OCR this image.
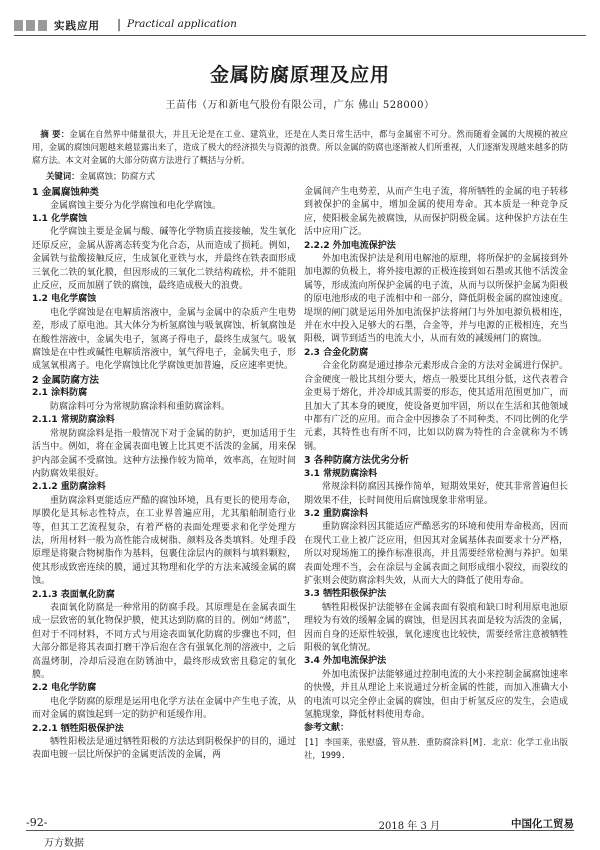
实践应用 | Practical application
金属防腐原理及应用
王苗伟（万和新电气股份有限公司，广东 佛山 528000）

摘 要：金属在自然界中储量很大，并且无论是在工业、建筑业，还是在人类日常生活中，都与金属密不可分。然而随着金属的大规模的被应用，金属的腐蚀问题越来越显露出来了，造成了极大的经济损失与资源的浪费。所以金属的防腐也逐渐被人们所重视，人们逐渐发现越来越多的防腐方法。本文对金属的大部分防腐方法进行了概括与分析。

关键词：金属腐蚀；防腐方式
1 金属腐蚀种类

金属腐蚀主要分为化学腐蚀和电化学腐蚀。

1.1 化学腐蚀

化学腐蚀主要是金属与酸、碱等化学物质直接接触，发生氧化还原反应，金属从游离态转变为化合态，从而造成了损耗。例如，金属铁与盐酸接触反应，生成氯化亚铁与水，并最终在铁表面形成三氧化二铁的氧化膜，但因形成的三氧化二铁结构疏松，并不能阻止反应，反而加剧了铁的腐蚀，最终造成极大的浪费。

1.2 电化学腐蚀

电化学腐蚀是在电解质溶液中，金属与金属中的杂质产生电势差，形成了原电池。其大体分为析氢腐蚀与吸氧腐蚀、析氧腐蚀是在酸性溶液中，金属失电子，氢离子得电子，最终生成氢气。吸氧腐蚀是在中性或碱性电解质溶液中，氧气得电子，金属失电子，形成氢氧根离子。电化学腐蚀比化学腐蚀更加普遍，反应速率更快。

2 金属防腐方法
2.1 涂料防腐

防腐涂料可分为常规防腐涂料和重防腐涂料。

2.1.1 常规防腐涂料

常规防腐涂料是指一般情况下对于金属的防护，更加适用于生活当中。例如，将在金属表面电镀上比其更不活泼的金属，用来保护内部金属不受腐蚀。这种方法操作较为简单，效率高，在短时间内防腐效果很好。

2.1.2 重防腐涂料

重防腐涂料更能适应严酷的腐蚀环境，具有更长的使用寿命，厚膜化是其标志性特点，在工业界普遍应用，尤其船舶制造行业等，但其工艺流程复杂，有着严格的表面处理要求和化学处理方法，所用材料一般为高性能合成树脂、颜料及各类填料。处理手段原理是将聚合物树脂作为基料，包裹住涂层内的颜料与填料颗粒，使其形成致密连续的膜，通过其物理和化学的方法来减缓金属的腐蚀。

2.1.3 表面氧化防腐

表面氧化防腐是一种常用的防腐手段。其原理是在金属表面生成一层致密的氧化物保护膜，使其达到防腐的目的。例如“烤蓝”，但对于不同材料，不同方式与用途表面氧化防腐的步骤也不同，但大部分都是将其表面打磨干净后泡在含有强氧化剂的溶液中，之后高温烤制，冷却后浸泡在防锈油中，最终形成致密且稳定的氧化膜。

2.2 电化学防腐

电化学防腐的原理是运用电化学方法在金属中产生电子流，从而对金属的腐蚀起到一定的防护和延缓作用。

2.2.1 牺牲阳极保护法

牺牲阳极法是通过牺牲阳极的方法达到阴极保护的目的，通过表面电镀一层比所保护的金属更活泼的金属，两

金属间产生电势差，从而产生电子流，将所牺牲的金属的电子转移到被保护的金属中，增加金属的使用寿命。其本质是一种竞争反应，使阳极金属先被腐蚀，从而保护阴极金属。这种保护方法在生活中应用广泛。

2.2.2 外加电流保护法

外加电流保护法是利用电解池的原理，将所保护的金属接到外加电源的负极上，将外接电源的正极连接到如石墨或其他不活泼金属等，形成流向所保护金属的电子流，从而与以所保护金属为阳极的原电池形成的电子流相中和一部分，降低阴极金属的腐蚀速度。堤坝的闸门就是运用外加电流保护法将闸门与外加电源负极相连，并在水中投入足够大的石墨，合金等，并与电源的正极相连，充当阳极，调节到适当的电流大小，从而有效的减缓闸门的腐蚀。

2.3 合金化防腐

合金化防腐是通过掺杂元素形成合金的方法对金属进行保护。合金硬度一般比其组分要大，熔点一般要比其组分低，这代表着合金更易于熔化，并冷却成其需要的形态，使其适用范围更加广，而且加大了其本身的硬度，使设备更加牢固，所以在生活和其他领域中都有广泛的应用。而合金中因掺杂了不同种类、不同比例的化学元素，其特性也有所不同，比如以防腐为特性的合金就称为不锈钢。

3 各种防腐方法优劣分析
3.1 常规防腐涂料

常规涂料防腐因其操作简单，短期效果好，使其非常普遍但长期效果不佳，长时间使用后腐蚀现象非常明显。

3.2 重防腐涂料

重防腐涂料因其能适应严酷恶劣的环境和使用寿命极高，因而在现代工业上被广泛应用，但因其对金属基体表面要求十分严格，所以对现场施工的操作标准很高，并且需要经常检测与养护。如果表面处理不当，会在涂层与金属表面之间形成细小裂纹，而裂纹的扩张则会使防腐涂料失效，从而大大的降低了使用寿命。

3.3 牺牲阳极保护法

牺牲阳极保护法能够在金属表面有裂痕和缺口时利用原电池原理较为有效的缓解金属的腐蚀，但是因其表面是较为活泼的金属，因而自身的还原性较强，氧化速度也比较快，需要经常注意被牺牲阳极的氧化情况。

3.4 外加电流保护法

外加电流保护法能够通过控制电流的大小来控制金属腐蚀速率的快慢，并且从理论上来说通过分析金属的性能，而加入准确大小的电流可以完全停止金属的腐蚀，但由于析氢反应的发生，会造成氢脆现象，降低材料使用寿命。

参考文献：

[1] 李国莱，张慰盛，管从胜．重防腐涂料[M]．北京：化学工业出版社，1999.

-92-	2018 年 3 月	中国化工贸易
万方数据
